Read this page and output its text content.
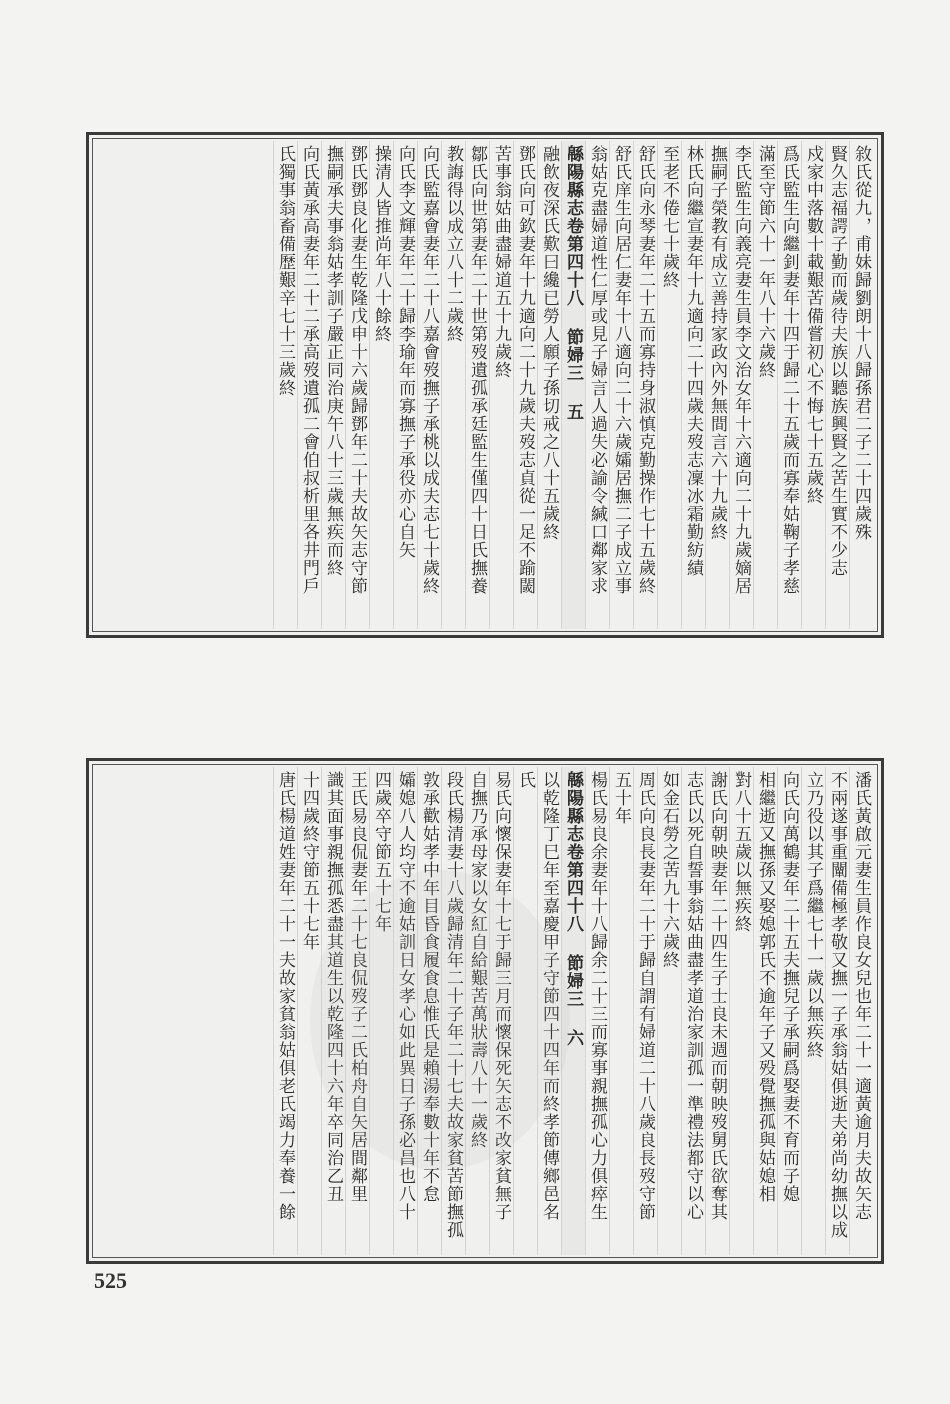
敘氏從九，甫妹歸劉朗十八歸孫君二子二十四歲殊
賢久志福諤子勤而歲待夫族以聽族興賢之苦生實不少志
戍家中落數十載艱苦備嘗初心不悔七十五歲終
爲氏監生向繼釗妻年十四于歸二十五歲而寡奉姑鞠子孝慈
滿至守節六十一年八十六歲終
李氏監生向義亮妻生員李文治女年十六適向二十九歲嫡居
撫嗣子榮教有成立善持家政內外無間言六十九歲終
林氏向繼宣妻年十九適向二十四歲夫歿志凜冰霜勤紡績
至老不倦七十歲終
舒氏向永琴妻年二十五而寡持身淑慎克勤操作七十五歲終
舒氏庠生向居仁妻年十八適向二十六歲孀居撫二子成立事
翁姑克盡婦道性仁厚或見子婦言人過失必諭令緘口鄰家求
緜陽縣志卷第四十八 節婦三 五
融飲夜深氏歎曰纔已勞人願子孫切戒之八十五歲終
鄧氏向可欽妻年十九適向二十九歲夫歿志貞從一足不踰閾
苦事翁姑曲盡婦道五十九歲終
鄒氏向世第妻年二十世第歿遺孤承廷監生僅四十日氏撫養
教誨得以成立八十二歲終
向氏監嘉會妻年二十八嘉會歿撫子承桃以成夫志七十歲終
向氏李文輝妻年二十歸李瑜年而寡撫子承役亦心自矢
操清人皆推尚年八十餘終
鄧氏鄧良化妻生乾隆戊申十六歲歸鄧年二十夫故矢志守節
撫嗣承夫事翁姑孝訓子嚴正同治庚午八十三歲無疾而終
向氏黃承高妻年二十二承高歿遺孤二會伯叔析里各井門戶
氏獨事翁畜備歷艱辛七十三歲終
潘氏黃啟元妻生員作良女兒也年二十一適黃逾月夫故矢志
不兩遂事重闡備極孝敬又撫一子承翁姑俱逝夫弟尚幼撫以成
立乃役以其子爲繼七十一歲以無疾終
向氏向萬鶴妻年二十五夫撫兒子承嗣爲娶妻不育而子媳
相繼逝又撫孫又娶媳郭氏不逾年子又殁覺撫孤與姑媳相
對八十五歲以無疾終
謝氏向朝映妻年二十四生子士良未週而朝映歿舅氏欲奪其
志氏以死自誓事翁姑曲盡孝道治家訓孤一準禮法都守以心
如金石勞之苦九十六歲終
周氏向良長妻年二十于歸自謂有婦道二十八歲良長歿守節
五十年
楊氏易良余妻年十八歸余二十三而寡事親撫孤心力俱瘁生
緜陽縣志卷第四十八 節婦三 六
以乾隆丁巳年至嘉慶甲子守節四十四年而終孝節傳鄉邑名
氏
易氏向懷保妻年十七于歸三月而懷保死矢志不改家貧無子
自撫乃承母家以女紅自給艱苦萬狀壽八十一歲終
段氏楊清妻十八歲歸清年二十子年二十七夫故家貧苦節撫孤
敦承歡姑孝中年目昏食履食息惟氏是賴湯奉數十年不怠
孀媳八人均守不逾姑訓日女孝心如此異日子孫必昌也八十
四歲卒守節五十七年
王氏易良侃妻年二十七良侃歿子二氏柏舟自矢居間鄰里
識其面事親撫孤悉盡其道生以乾隆四十六年卒同治乙丑
十四歲終守節五十七年
唐氏楊道姓妻年二十一夫故家貧翁姑俱老氏竭力奉養一餘
525
